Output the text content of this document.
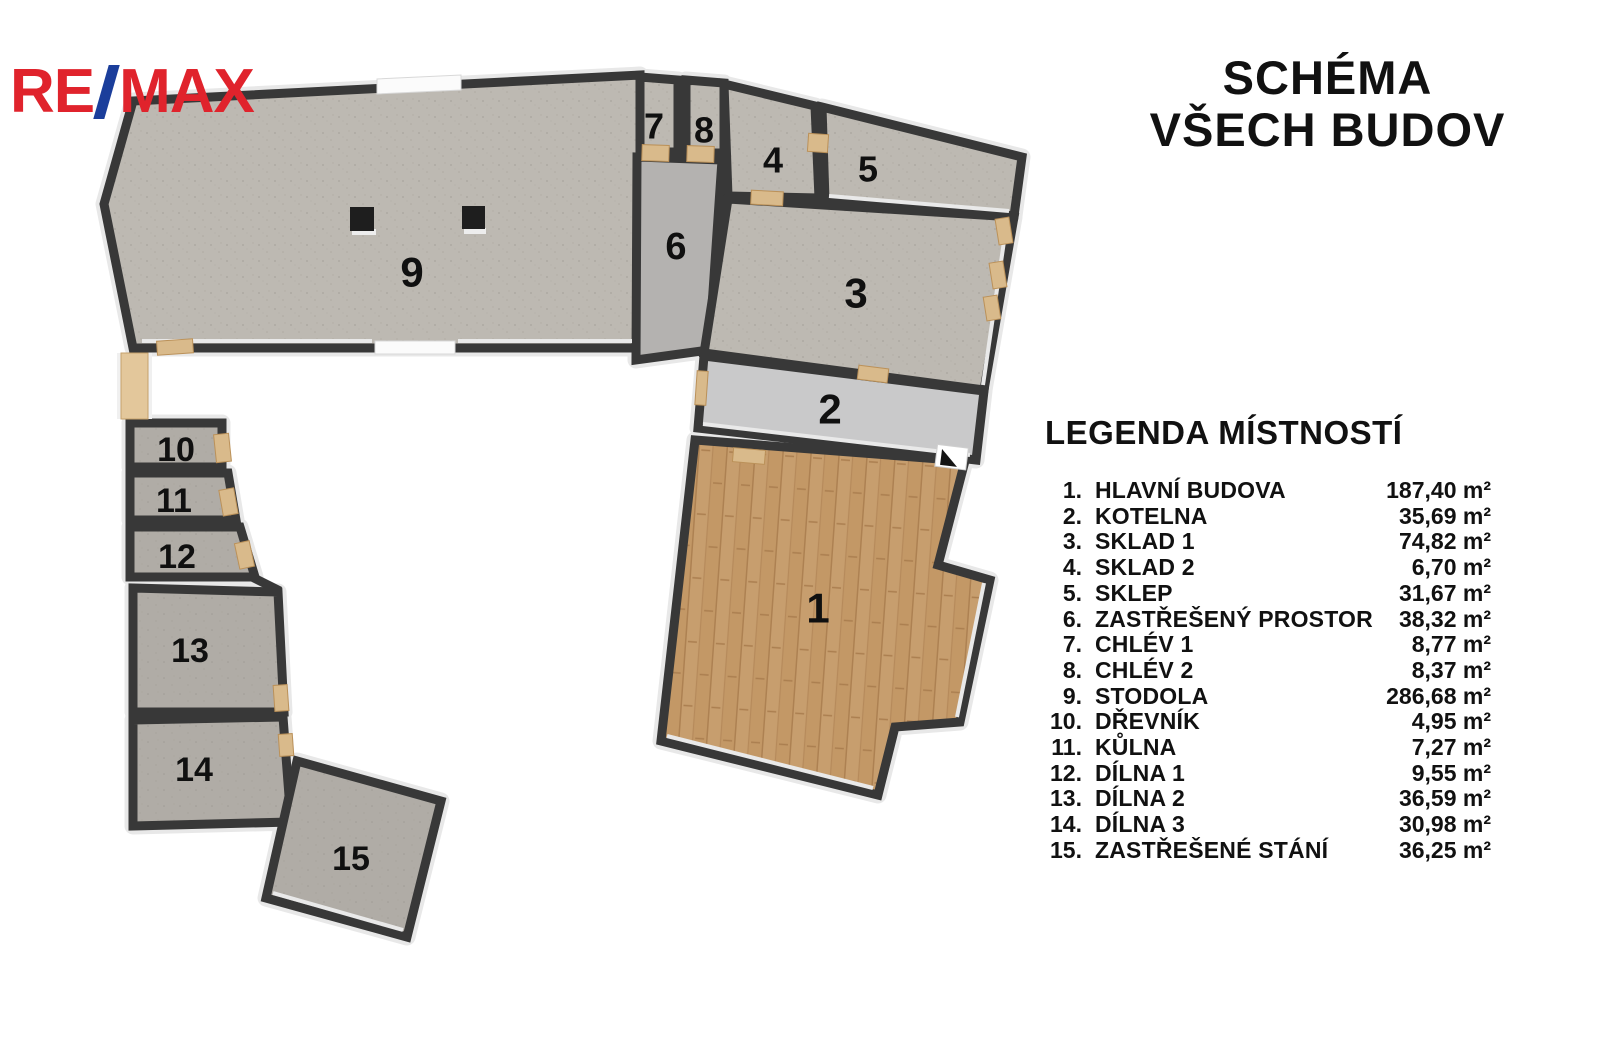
9
7 8
6
4 5
3
2
1
10
11
12
13
14
15
RE MAX	SCHÉMA
VŠECH BUDOV
LEGENDA MÍSTNOSTÍ
1 . HLAVNÍ BUDOVA	187,40 m²
2 . KOTELNA	35,69 m²
3 . SKLAD 1	74,82 m²
4 . SKLAD 2	6,70 m²
5 . SKLEP	31,67 m²
6 . ZASTŘEŠENÝ PROSTOR 38,32 m²
7 . CHLÉV 1	8,77 m²
8 . CHLÉV 2	8,37 m²
9 . STODOLA	286,68 m²
10 . DŘEVNÍK	4,95 m²
11 . KŮLNA	7,27 m²
12 . DÍLNA 1	9,55 m²
13 . DÍLNA 2	36,59 m²
14 . DÍLNA 3	30,98 m²
15 . ZASTŘEŠENÉ STÁNÍ	36,25 m²
